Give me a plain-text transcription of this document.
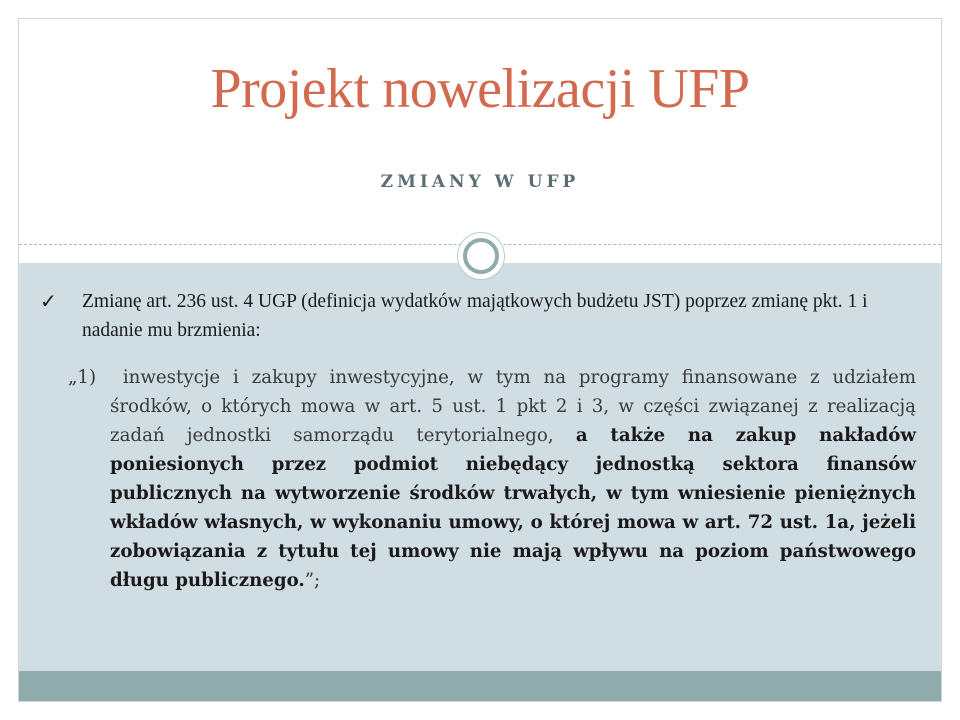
Projekt nowelizacji UFP
ZMIANY W UFP
✓ Zmianę art. 236 ust. 4 UGP (definicja wydatków majątkowych budżetu JST) poprzez zmianę pkt. 1 i nadanie mu brzmienia:
„1) inwestycje i zakupy inwestycyjne, w tym na programy finansowane z udziałem środków, o których mowa w art. 5 ust. 1 pkt 2 i 3, w części związanej z realizacją zadań jednostki samorządu terytorialnego, a także na zakup nakładów poniesionych przez podmiot niebędący jednostką sektora finansów publicznych na wytworzenie środków trwałych, w tym wniesienie pieniężnych wkładów własnych, w wykonaniu umowy, o której mowa w art. 72 ust. 1a, jeżeli zobowiązania z tytułu tej umowy nie mają wpływu na poziom państwowego długu publicznego.”;
